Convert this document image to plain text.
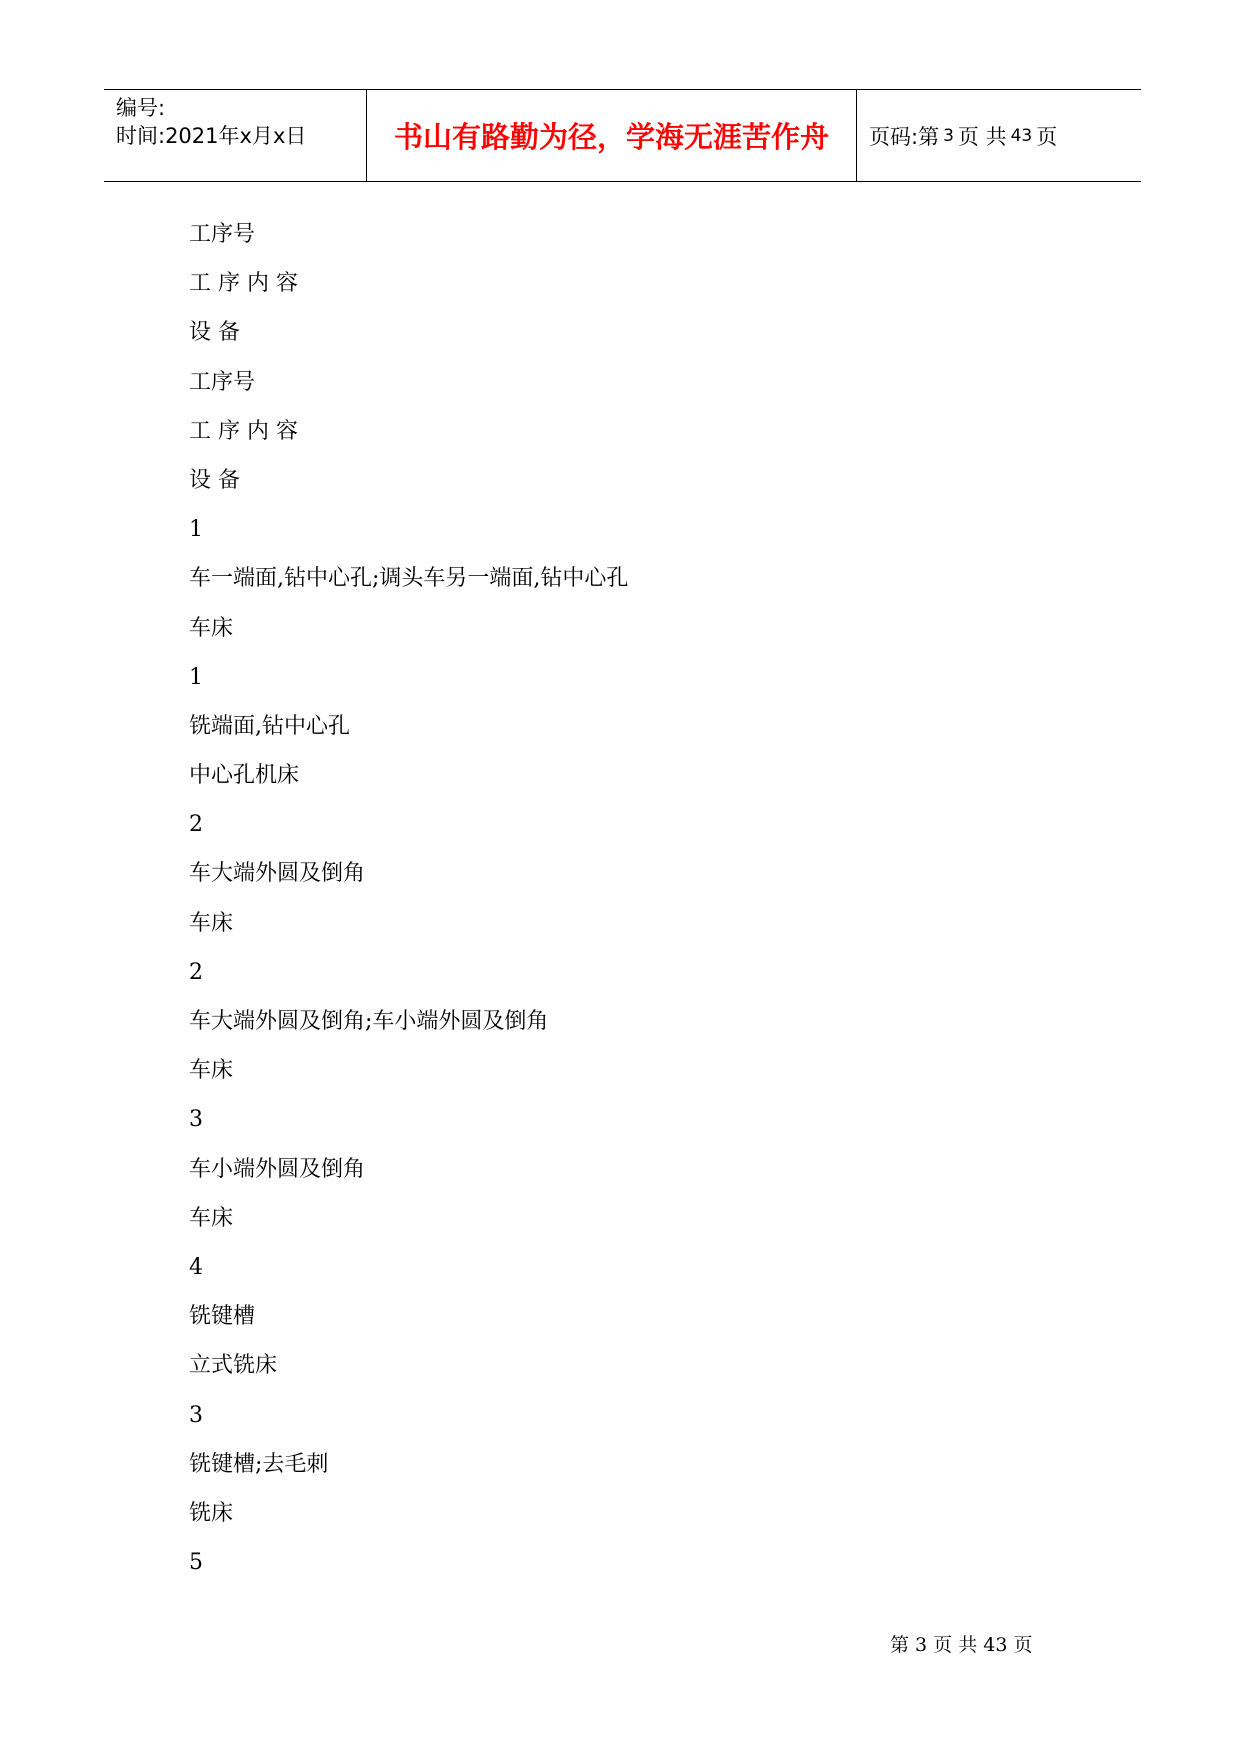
编号:
时间:2021年x月x日	书山有路勤为径，学海无涯苦作舟 页码:第 3 页 共 43 页
工序号
工 序 内 容
设 备
工序号
工 序 内 容
设 备
1
车一端面,钻中心孔;调头车另一端面,钻中心孔
车床
1
铣端面,钻中心孔
中心孔机床
2
车大端外圆及倒角
车床
2
车大端外圆及倒角;车小端外圆及倒角
车床
3
车小端外圆及倒角
车床
4
铣键槽
立式铣床
3
铣键槽;去毛刺
铣床
5
第 3 页 共 43 页
